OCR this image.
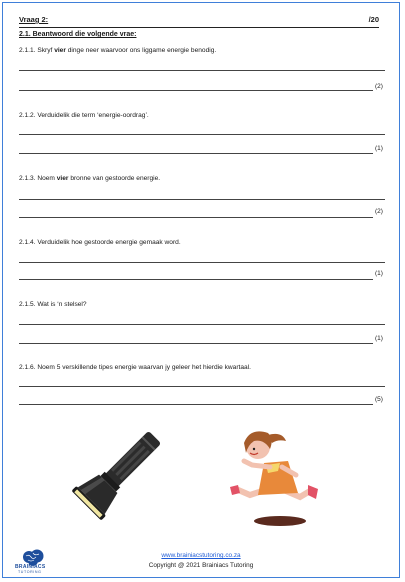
Vraag 2:	/20
2.1. Beantwoord die volgende vrae:
2.1.1. Skryf vier dinge neer waarvoor ons liggame energie benodig.
(2)
2.1.2. Verduidelik die term ‘energie-oordrag’.
(1)
2.1.3. Noem vier bronne van gestoorde energie.
(2)
2.1.4. Verduidelik hoe gestoorde energie gemaak word.
(1)
2.1.5. Wat is ‘n stelsel?
(1)
2.1.6. Noem 5 verskillende tipes energie waarvan jy geleer het hierdie kwartaal.
(5)
www.brainiacstutoring.co.za
Copyright @ 2021 Brainiacs Tutoring
BRAINIACS
TUTORING
